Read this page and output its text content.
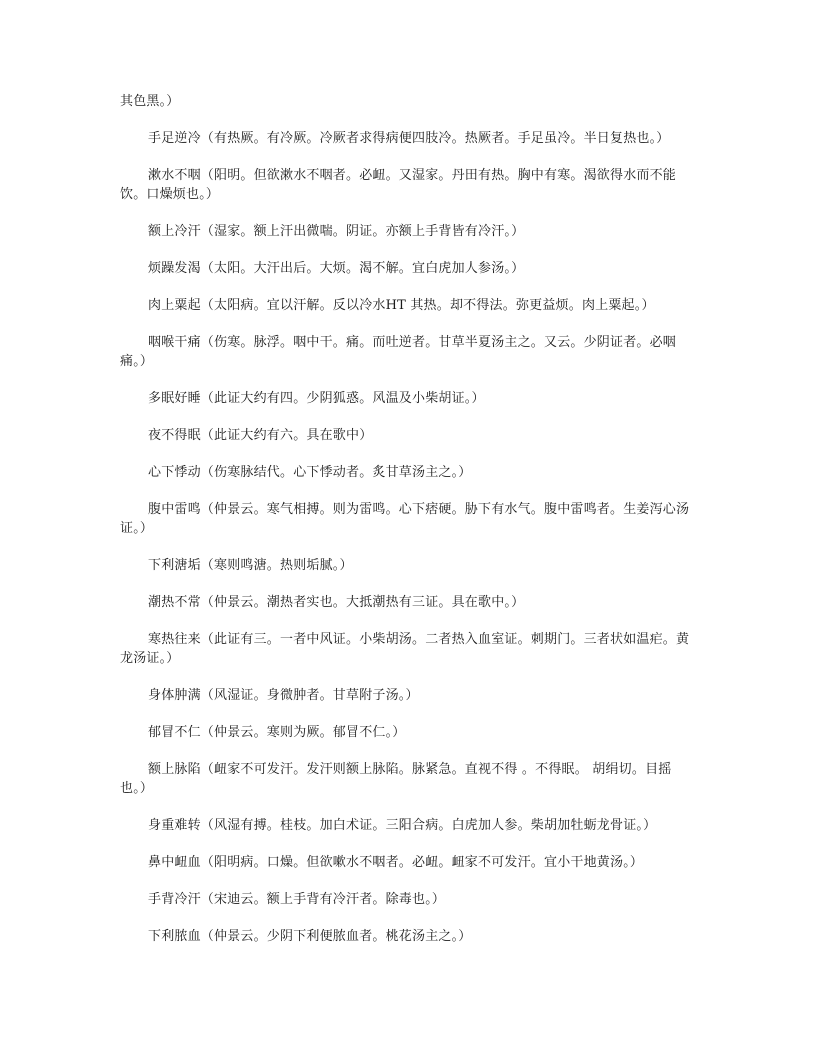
其色黑。）

手足逆冷（有热厥。有冷厥。冷厥者求得病便四肢冷。热厥者。手足虽冷。半日复热也。）

漱水不咽（阳明。但欲漱水不咽者。必衄。又湿家。丹田有热。胸中有寒。渴欲得水而不能饮。口燥烦也。）

额上冷汗（湿家。额上汗出微喘。阴证。亦额上手背皆有冷汗。）

烦躁发渴（太阳。大汗出后。大烦。渴不解。宜白虎加人参汤。）

肉上粟起（太阳病。宜以汗解。反以冷水HT 其热。却不得法。弥更益烦。肉上粟起。）

咽喉干痛（伤寒。脉浮。咽中干。痛。而吐逆者。甘草半夏汤主之。又云。少阴证者。必咽痛。）

多眠好睡（此证大约有四。少阴狐惑。风温及小柴胡证。）

夜不得眠（此证大约有六。具在歌中）

心下悸动（伤寒脉结代。心下悸动者。炙甘草汤主之。）

腹中雷鸣（仲景云。寒气相搏。则为雷鸣。心下痞硬。胁下有水气。腹中雷鸣者。生姜泻心汤证。）

下利溏垢（寒则鸣溏。热则垢腻。）

潮热不常（仲景云。潮热者实也。大抵潮热有三证。具在歌中。）

寒热往来（此证有三。一者中风证。小柴胡汤。二者热入血室证。刺期门。三者状如温疟。黄龙汤证。）

身体肿满（风湿证。身微肿者。甘草附子汤。）

郁冒不仁（仲景云。寒则为厥。郁冒不仁。）

额上脉陷（衄家不可发汗。发汗则额上脉陷。脉紧急。直视不得 。不得眠。 胡绢切。目摇也。）

身重难转（风湿有搏。桂枝。加白术证。三阳合病。白虎加人参。柴胡加牡蛎龙骨证。）

鼻中衄血（阳明病。口燥。但欲嗽水不咽者。必衄。衄家不可发汗。宜小干地黄汤。）

手背冷汗（宋迪云。额上手背有冷汗者。除毒也。）

下利脓血（仲景云。少阴下利便脓血者。桃花汤主之。）
